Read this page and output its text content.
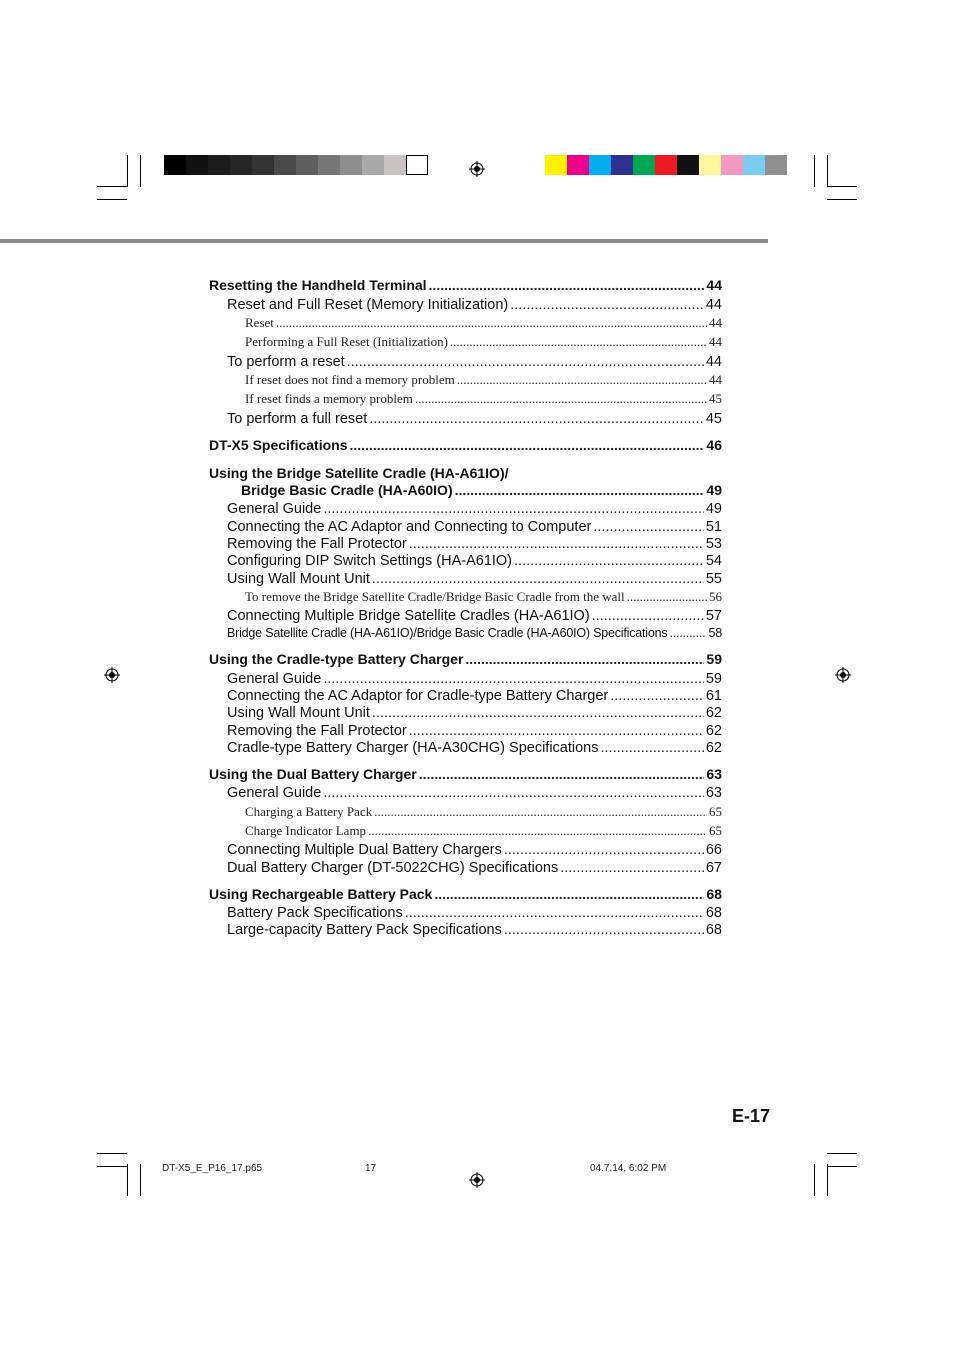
Resetting the Handheld Terminal .....	44
Reset and Full Reset (Memory Initialization) .....	44
Reset .....	44
Performing a Full Reset (Initialization) .....	44
To perform a reset .....	44
If reset does not find a memory problem .....	44
If reset finds a memory problem .....	45
To perform a full reset .....	45
DT-X5 Specifications .....	46
Using the Bridge Satellite Cradle (HA-A61IO)/
Bridge Basic Cradle (HA-A60IO) .....	49
General Guide .....	49
Connecting the AC Adaptor and Connecting to Computer .....	51
Removing the Fall Protector .....	53
Configuring DIP Switch Settings (HA-A61IO) .....	54
Using Wall Mount Unit .....	55
To remove the Bridge Satellite Cradle/Bridge Basic Cradle from the wall .....	56
Connecting Multiple Bridge Satellite Cradles (HA-A61IO) .....	57
Bridge Satellite Cradle (HA-A61IO)/Bridge Basic Cradle (HA-A60IO) Specifications .....	58
Using the Cradle-type Battery Charger .....	59
General Guide .....	59
Connecting the AC Adaptor for Cradle-type Battery Charger .....	61
Using Wall Mount Unit .....	62
Removing the Fall Protector .....	62
Cradle-type Battery Charger (HA-A30CHG) Specifications .....	62
Using the Dual Battery Charger .....	63
General Guide .....	63
Charging a Battery Pack .....	65
Charge Indicator Lamp .....	65
Connecting Multiple Dual Battery Chargers .....	66
Dual Battery Charger (DT-5022CHG) Specifications .....	67
Using Rechargeable Battery Pack .....	68
Battery Pack Specifications .....	68
Large-capacity Battery Pack Specifications .....	68
E-17
DT-X5_E_P16_17.p65	17	04.7.14, 6:02 PM
